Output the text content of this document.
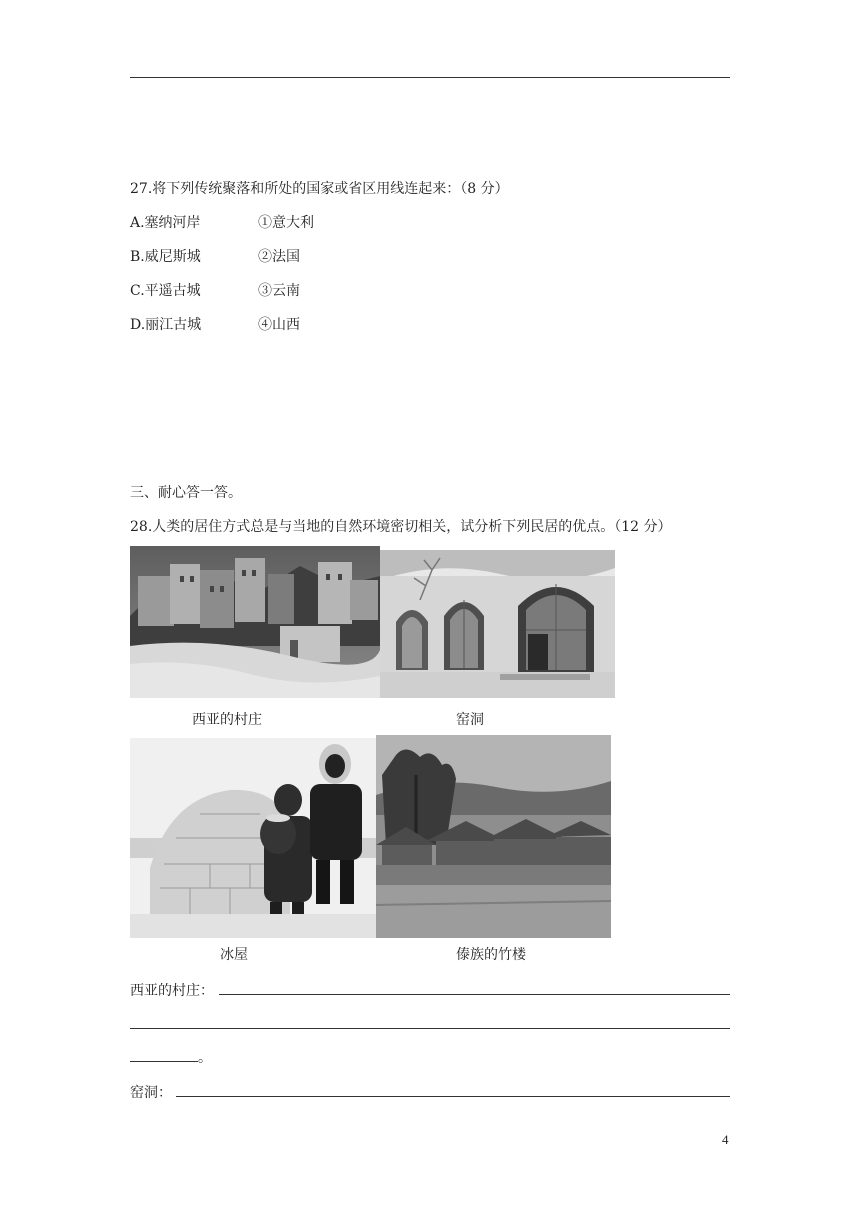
27.将下列传统聚落和所处的国家或省区用线连起来：（8 分）
A.塞纳河岸
B.威尼斯城
C.平遥古城
D.丽江古城
①意大利
②法国
③云南
④山西
三、耐心答一答。
28.人类的居住方式总是与当地的自然环境密切相关，试分析下列民居的优点。（12 分）
西亚的村庄	窑洞
冰屋	傣族的竹楼
西亚的村庄：
。
窑洞：
4
